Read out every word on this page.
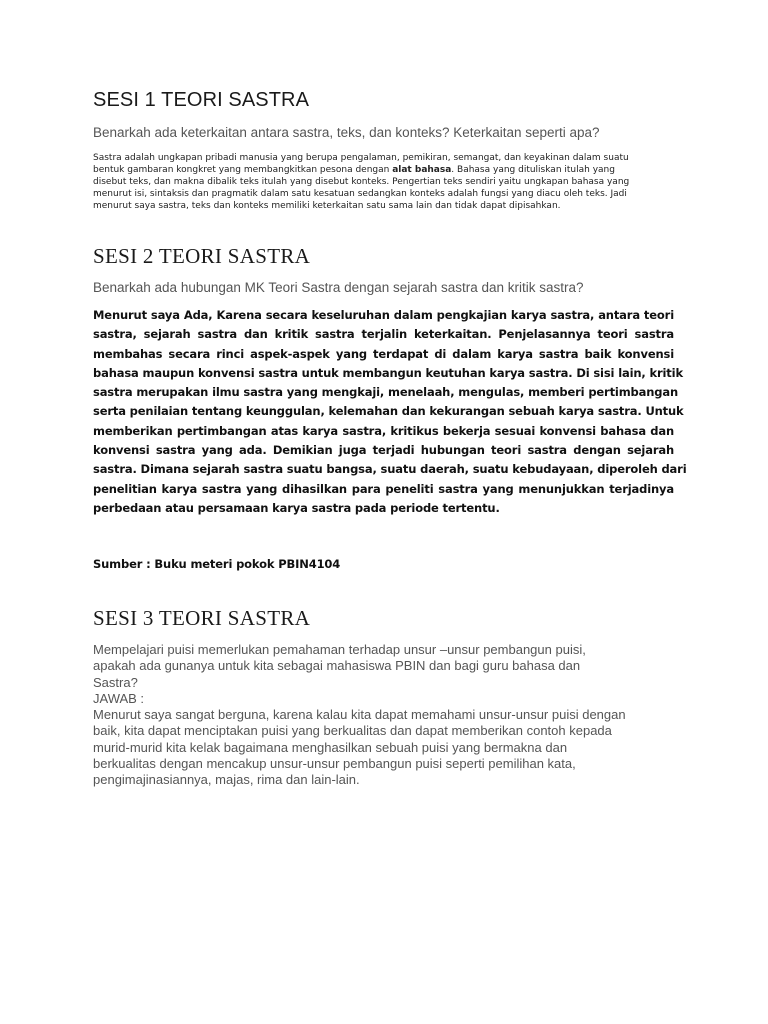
SESI 1 TEORI SASTRA

Benarkah ada keterkaitan antara sastra, teks, dan konteks? Keterkaitan seperti apa?

Sastra adalah ungkapan pribadi manusia yang berupa pengalaman, pemikiran, semangat, dan keyakinan dalam suatu
bentuk gambaran kongkret yang membangkitkan pesona dengan alat bahasa. Bahasa yang dituliskan itulah yang
disebut teks, dan makna dibalik teks itulah yang disebut konteks. Pengertian teks sendiri yaitu ungkapan bahasa yang
menurut isi, sintaksis dan pragmatik dalam satu kesatuan sedangkan konteks adalah fungsi yang diacu oleh teks. Jadi
menurut saya sastra, teks dan konteks memiliki keterkaitan satu sama lain dan tidak dapat dipisahkan.

SESI 2 TEORI SASTRA

Benarkah ada hubungan MK Teori Sastra dengan sejarah sastra dan kritik sastra?

Menurut saya Ada, Karena secara keseluruhan dalam pengkajian karya sastra, antara teori
sastra, sejarah sastra dan kritik sastra terjalin keterkaitan. Penjelasannya teori sastra
membahas secara rinci aspek-aspek yang terdapat di dalam karya sastra baik konvensi
bahasa maupun konvensi sastra untuk membangun keutuhan karya sastra. Di sisi lain, kritik
sastra merupakan ilmu sastra yang mengkaji, menelaah, mengulas, memberi pertimbangan
serta penilaian tentang keunggulan, kelemahan dan kekurangan sebuah karya sastra. Untuk
memberikan pertimbangan atas karya sastra, kritikus bekerja sesuai konvensi bahasa dan
konvensi sastra yang ada. Demikian juga terjadi hubungan teori sastra dengan sejarah
sastra. Dimana sejarah sastra suatu bangsa, suatu daerah, suatu kebudayaan, diperoleh dari
penelitian karya sastra yang dihasilkan para peneliti sastra yang menunjukkan terjadinya
perbedaan atau persamaan karya sastra pada periode tertentu.

Sumber : Buku meteri pokok PBIN4104

SESI 3 TEORI SASTRA

Mempelajari puisi memerlukan pemahaman terhadap unsur –unsur pembangun puisi,
apakah ada gunanya untuk kita sebagai mahasiswa PBIN dan bagi guru bahasa dan
Sastra?
JAWAB :
Menurut saya sangat berguna, karena kalau kita dapat memahami unsur-unsur puisi dengan
baik, kita dapat menciptakan puisi yang berkualitas dan dapat memberikan contoh kepada
murid-murid kita kelak bagaimana menghasilkan sebuah puisi yang bermakna dan
berkualitas dengan mencakup unsur-unsur pembangun puisi seperti pemilihan kata,
pengimajinasiannya, majas, rima dan lain-lain.
